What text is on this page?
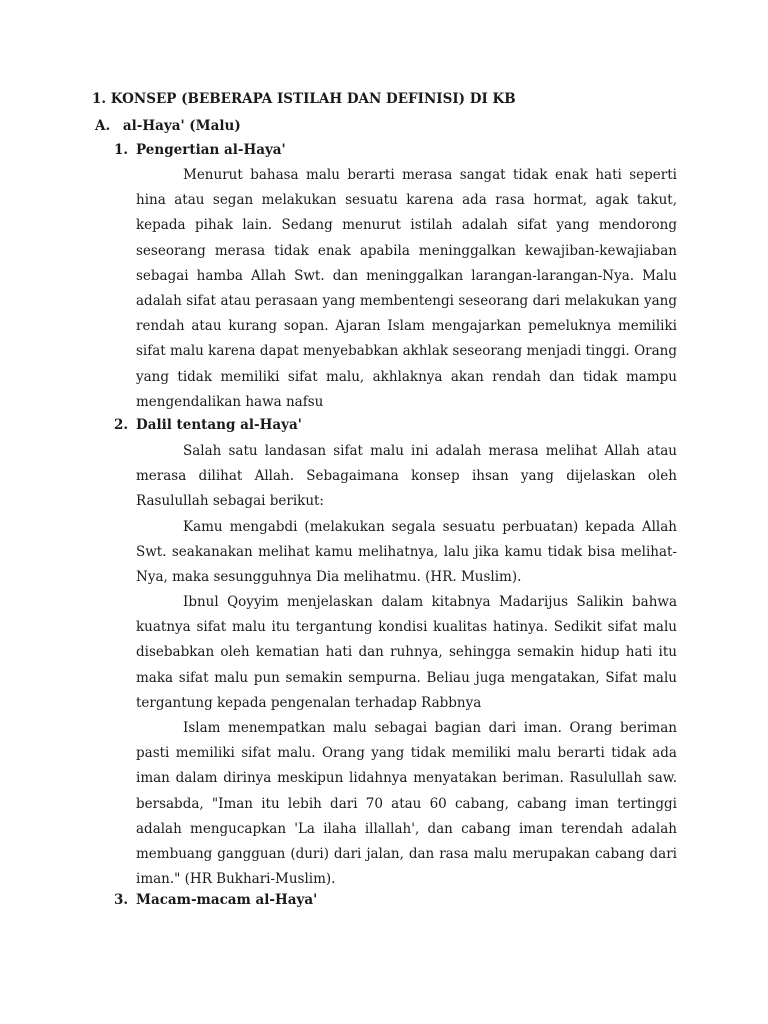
1. KONSEP (BEBERAPA ISTILAH DAN DEFINISI) DI KB
A. al-Haya' (Malu)
1. Pengertian al-Haya'

Menurut bahasa malu berarti merasa sangat tidak enak hati seperti hina atau segan melakukan sesuatu karena ada rasa hormat, agak takut, kepada pihak lain. Sedang menurut istilah adalah sifat yang mendorong seseorang merasa tidak enak apabila meninggalkan kewajiban-kewajiaban sebagai hamba Allah Swt. dan meninggalkan larangan-larangan-Nya. Malu adalah sifat atau perasaan yang membentengi seseorang dari melakukan yang rendah atau kurang sopan. Ajaran Islam mengajarkan pemeluknya memiliki sifat malu karena dapat menyebabkan akhlak seseorang menjadi tinggi. Orang yang tidak memiliki sifat malu, akhlaknya akan rendah dan tidak mampu mengendalikan hawa nafsu

2. Dalil tentang al-Haya'

Salah satu landasan sifat malu ini adalah merasa melihat Allah atau merasa dilihat Allah. Sebagaimana konsep ihsan yang dijelaskan oleh Rasulullah sebagai berikut:

Kamu mengabdi (melakukan segala sesuatu perbuatan) kepada Allah Swt. seakanakan melihat kamu melihatnya, lalu jika kamu tidak bisa melihat-Nya, maka sesungguhnya Dia melihatmu. (HR. Muslim).

Ibnul Qoyyim menjelaskan dalam kitabnya Madarijus Salikin bahwa kuatnya sifat malu itu tergantung kondisi kualitas hatinya. Sedikit sifat malu disebabkan oleh kematian hati dan ruhnya, sehingga semakin hidup hati itu maka sifat malu pun semakin sempurna. Beliau juga mengatakan, Sifat malu tergantung kepada pengenalan terhadap Rabbnya

Islam menempatkan malu sebagai bagian dari iman. Orang beriman pasti memiliki sifat malu. Orang yang tidak memiliki malu berarti tidak ada iman dalam dirinya meskipun lidahnya menyatakan beriman. Rasulullah saw. bersabda, "Iman itu lebih dari 70 atau 60 cabang, cabang iman tertinggi adalah mengucapkan 'La ilaha illallah', dan cabang iman terendah adalah membuang gangguan (duri) dari jalan, dan rasa malu merupakan cabang dari iman." (HR Bukhari-Muslim).

3. Macam-macam al-Haya'
